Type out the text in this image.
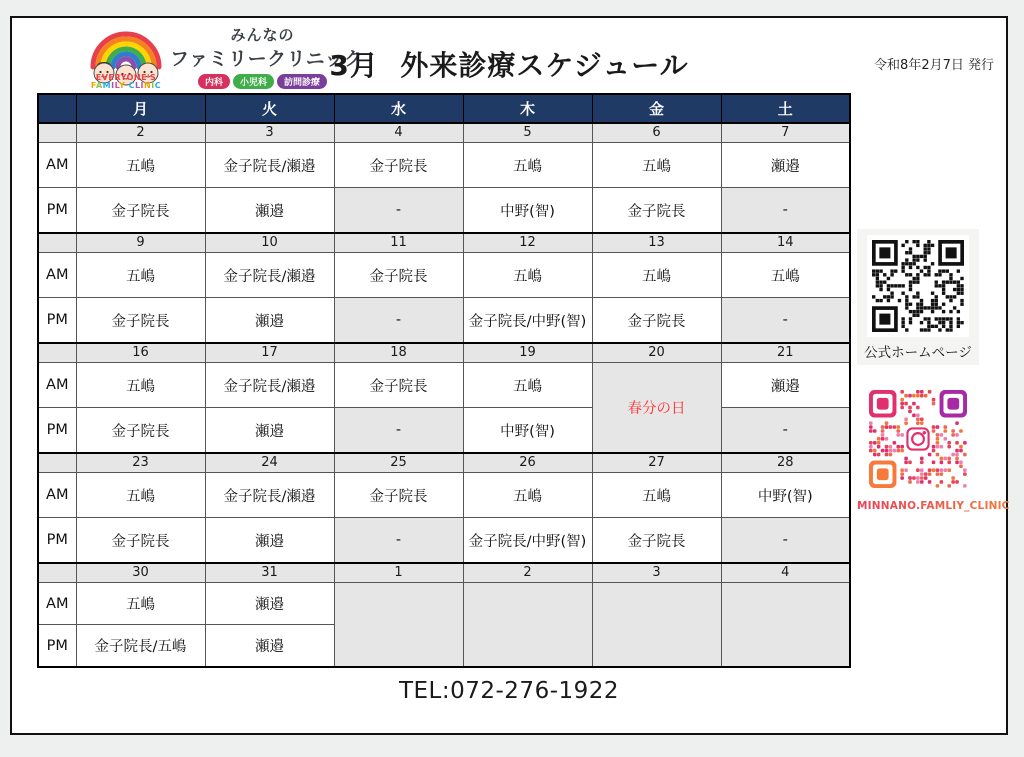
EVERYONE'S
FAMILY CLINIC
みんなの
ファミリークリニック
内科	小児科	訪問診療
3月  外来診療スケジュール	令和8年2月7日 発行
	月	火	水	木	金	土
	2	3	4	5	6	7
AM	五嶋	金子院長/瀬邉	金子院長	五嶋	五嶋	瀬邉
PM	金子院長	瀬邉	-	中野(智)	金子院長	-
	9	10	11	12	13	14
AM	五嶋	金子院長/瀬邉	金子院長	五嶋	五嶋	五嶋
PM	金子院長	瀬邉	-	金子院長/中野(智)	金子院長	-
	16	17	18	19	20	21
AM	五嶋	金子院長/瀬邉	金子院長	五嶋	春分の日	瀬邉
PM	金子院長	瀬邉	-	中野(智)		-
	23	24	25	26	27	28
AM	五嶋	金子院長/瀬邉	金子院長	五嶋	五嶋	中野(智)
PM	金子院長	瀬邉	-	金子院長/中野(智)	金子院長	-
	30	31	1	2	3	4
AM	五嶋	瀬邉				
PM	金子院長/五嶋	瀬邉				
TEL:072-276-1922
公式ホームページ
MINNANO.FAMLIY_CLINIC
